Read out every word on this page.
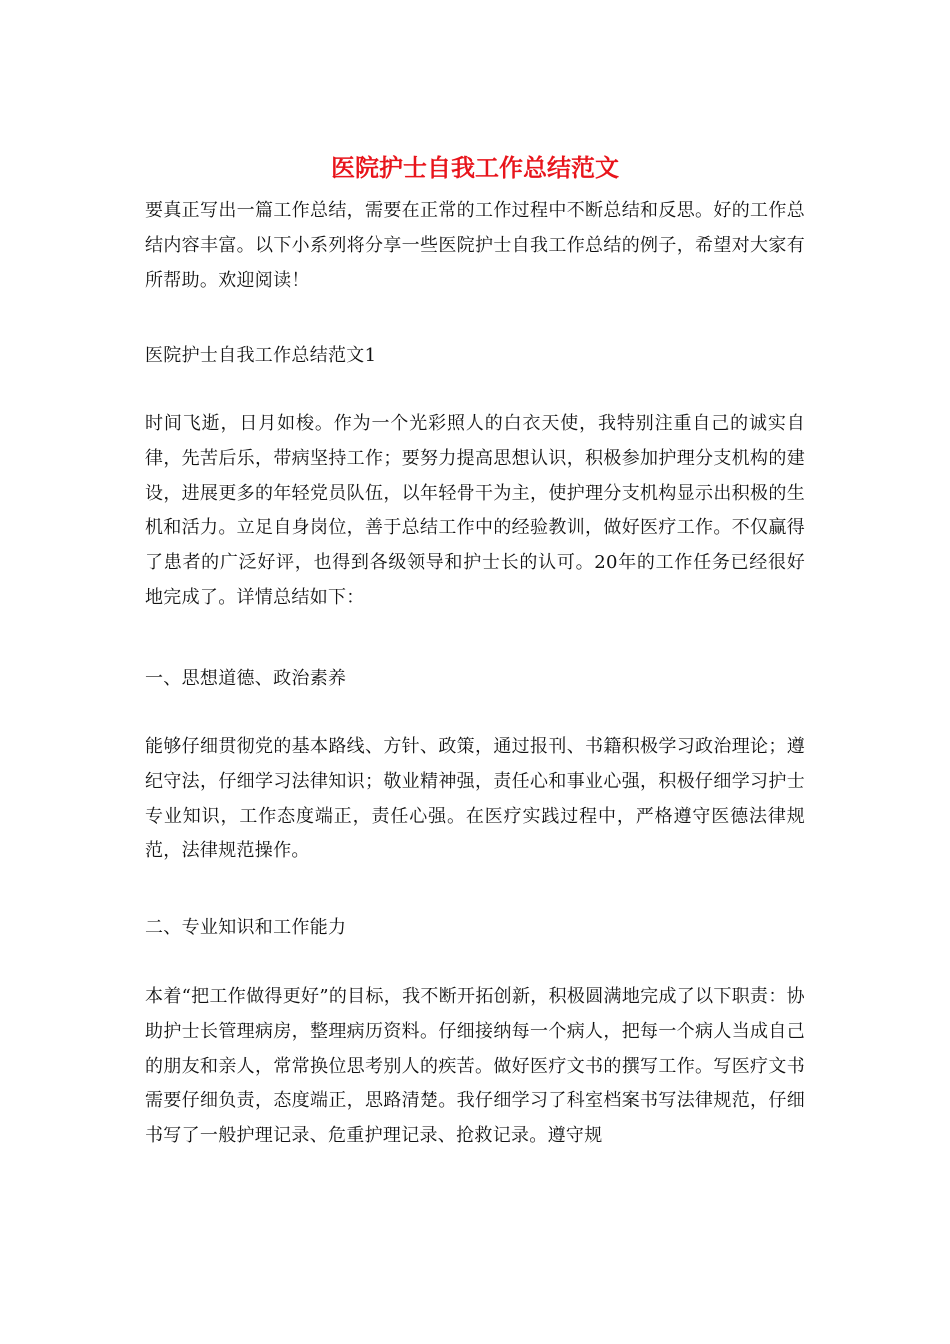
医院护士自我工作总结范文

要真正写出一篇工作总结，需要在正常的工作过程中不断总结和反思。好的工作总结内容丰富。以下小系列将分享一些医院护士自我工作总结的例子，希望对大家有所帮助。欢迎阅读！

医院护士自我工作总结范文1

时间飞逝，日月如梭。作为一个光彩照人的白衣天使，我特别注重自己的诚实自律，先苦后乐，带病坚持工作；要努力提高思想认识，积极参加护理分支机构的建设，进展更多的年轻党员队伍，以年轻骨干为主，使护理分支机构显示出积极的生机和活力。立足自身岗位，善于总结工作中的经验教训，做好医疗工作。不仅赢得了患者的广泛好评，也得到各级领导和护士长的认可。20年的工作任务已经很好地完成了。详情总结如下：

一、思想道德、政治素养

能够仔细贯彻党的基本路线、方针、政策，通过报刊、书籍积极学习政治理论；遵纪守法，仔细学习法律知识；敬业精神强，责任心和事业心强，积极仔细学习护士专业知识，工作态度端正，责任心强。在医疗实践过程中，严格遵守医德法律规范，法律规范操作。

二、专业知识和工作能力

本着“把工作做得更好”的目标，我不断开拓创新，积极圆满地完成了以下职责：协助护士长管理病房，整理病历资料。仔细接纳每一个病人，把每一个病人当成自己的朋友和亲人，常常换位思考别人的疾苦。做好医疗文书的撰写工作。写医疗文书需要仔细负责，态度端正，思路清楚。我仔细学习了科室档案书写法律规范，仔细书写了一般护理记录、危重护理记录、抢救记录。遵守规
